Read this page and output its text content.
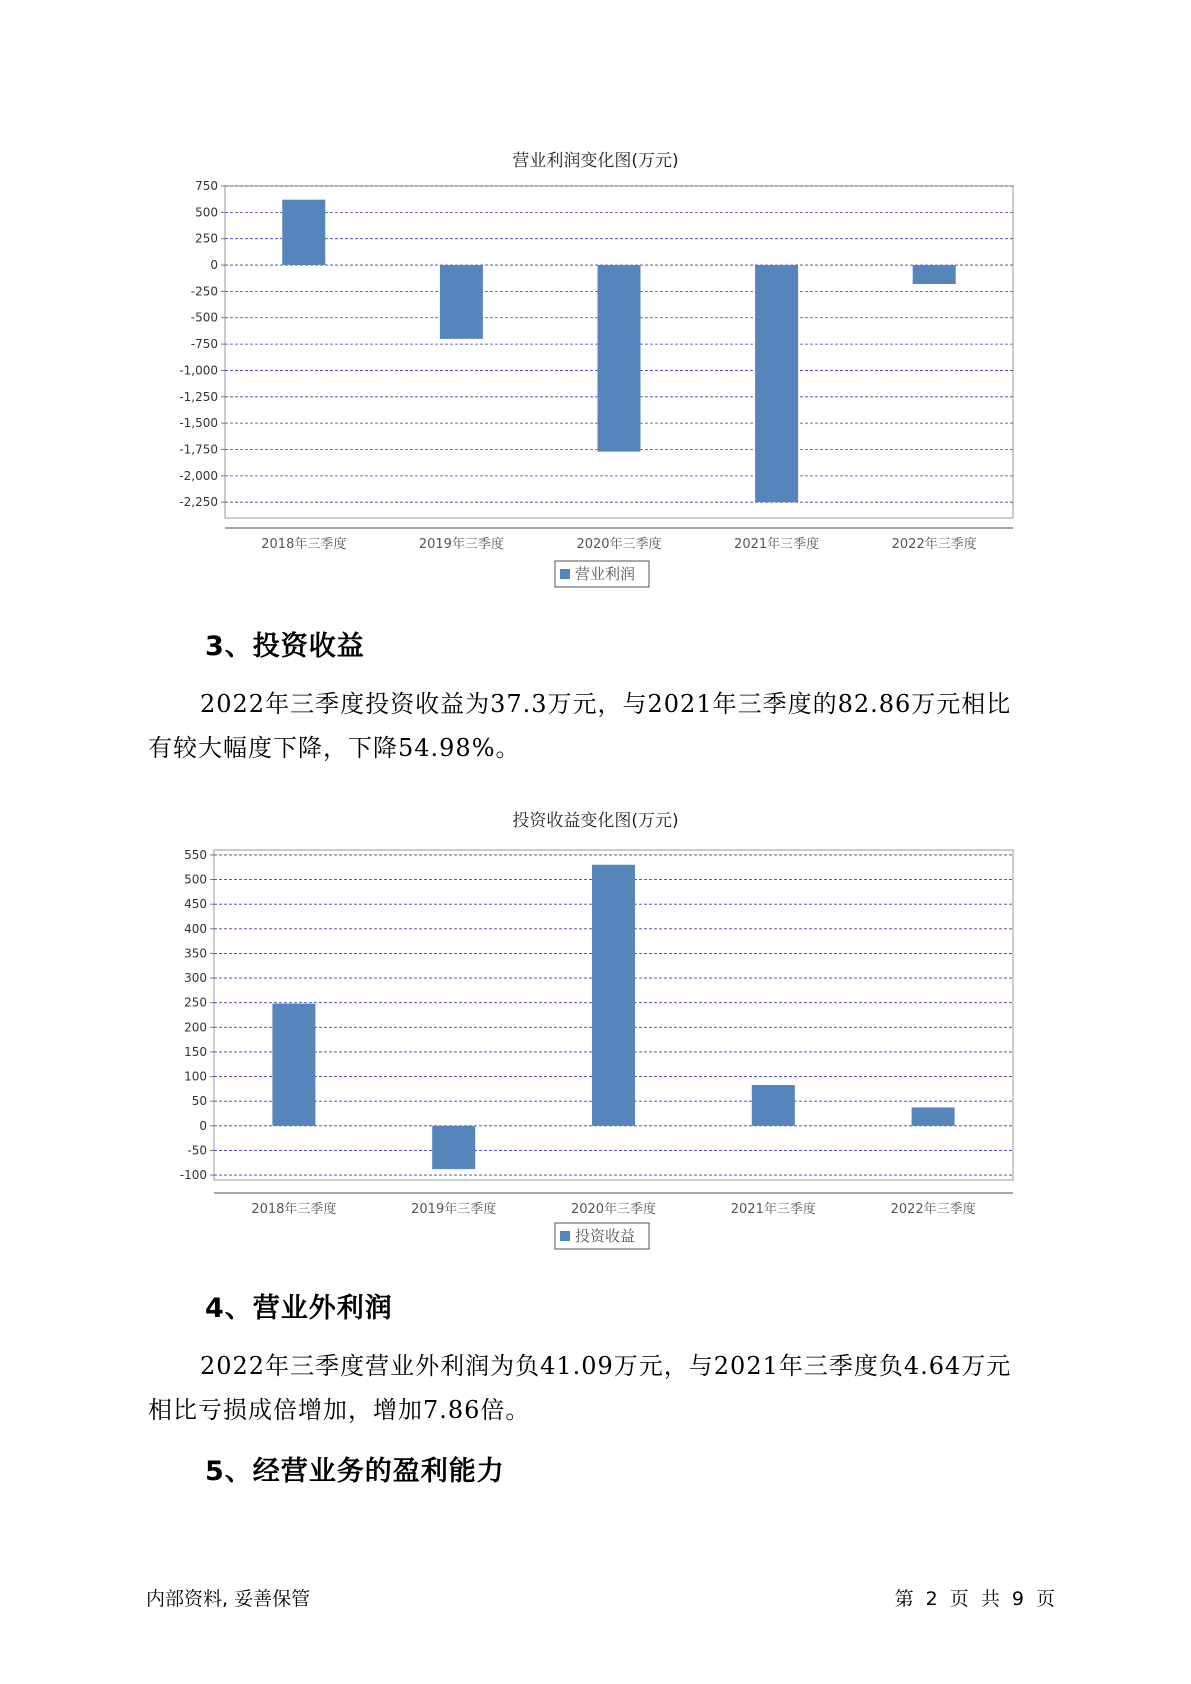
营业利润变化图(万元)
750
500
250
0
-250
-500
-750
-1,000
-1,250
-1,500
-1,750
-2,000
-2,250
2018年三季度	2019年三季度	2020年三季度	2021年三季度	2022年三季度
营业利润
3、投资收益
2022年三季度投资收益为37.3万元，与2021年三季度的82.86万元相比
有较大幅度下降，下降54.98%。
投资收益变化图(万元)
550
500
450
400
350
300
250
200
150
100
50
0
-50
-100
2018年三季度	2019年三季度	2020年三季度	2021年三季度	2022年三季度
投资收益
4、营业外利润
2022年三季度营业外利润为负41.09万元，与2021年三季度负4.64万元
相比亏损成倍增加，增加7.86倍。
5、经营业务的盈利能力
内部资料, 妥善保管	第 2 页 共 9 页
